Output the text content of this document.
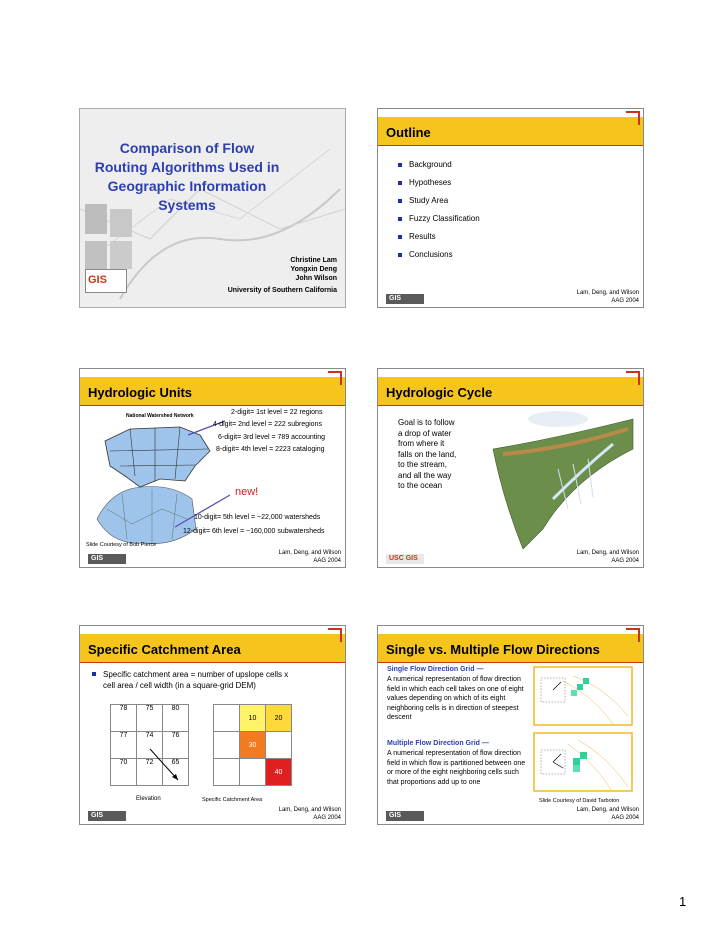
Comparison of Flow Routing Algorithms Used in Geographic Information Systems
GIS
Christine Lam
Yongxin Deng
John Wilson
University of Southern California
Outline
Background
Hypotheses
Study Area
Fuzzy Classification
Results
Conclusions
GIS
Lam, Deng, and Wilson
AAG 2004
Hydrologic Units
National Watershed Network	2-digit= 1st level = 22 regions
4-digit= 2nd level = 222 subregions
6-digit= 3rd level = 789 accounting
8-digit= 4th level = 2223 cataloging
new!
10-digit= 5th level = ~22,000 watersheds
12-digit= 6th level = ~160,000 subwatersheds
Slide Courtesy of Bob Pierce
GIS
Lam, Deng, and Wilson
AAG 2004
Hydrologic Cycle
Goal is to follow a drop of water from where it falls on the land, to the stream, and all the way to the ocean
USC GIS
Lam, Deng, and Wilson
AAG 2004
Specific Catchment Area
Specific catchment area = number of upslope cells x cell area / cell width (in a square-grid DEM)
78	75	80
77	74	76
70	72	65
	10	20
	30	
		40
Elevation	Specific Catchment Area
GIS
Lam, Deng, and Wilson
AAG 2004
Single vs. Multiple Flow Directions
Single Flow Direction Grid —
A numerical representation of flow direction field in which each cell takes on one of eight values depending on which of its eight neighboring cells is in direction of steepest descent
Multiple Flow Direction Grid —
A numerical representation of flow direction field in which flow is partitioned between one or more of the eight neighboring cells such that proportions add up to one
Slide Courtesy of David Tarboton
GIS
Lam, Deng, and Wilson
AAG 2004
1
